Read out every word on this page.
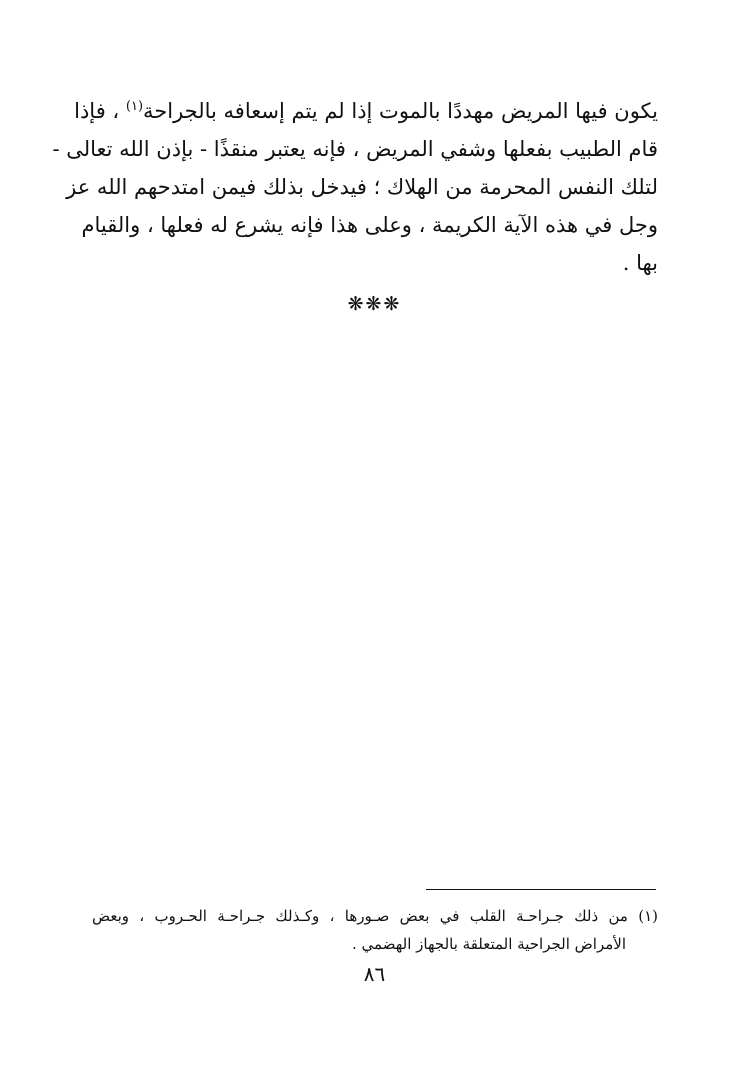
يكون فيها المريض مهددًا بالموت إذا لم يتم إسعافه بالجراحة$^{(١)}$ ، فإذا
قام الطبيب بفعلها وشفي المريض ، فإنه يعتبر منقذًا - بإذن الله تعالى -
لتلك النفس المحرمة من الهلاك ؛ فيدخل بذلك فيمن امتدحهم الله عز
وجل في هذه الآية الكريمة ، وعلى هذا فإنه يشرع له فعلها ، والقيام
بها .
❋❋❋
(١) من ذلك جـراحـة القلب في بعض صـورها ، وكـذلك جـراحـة الحـروب ، وبعض
الأمراض الجراحية المتعلقة بالجهاز الهضمي .
٨٦
